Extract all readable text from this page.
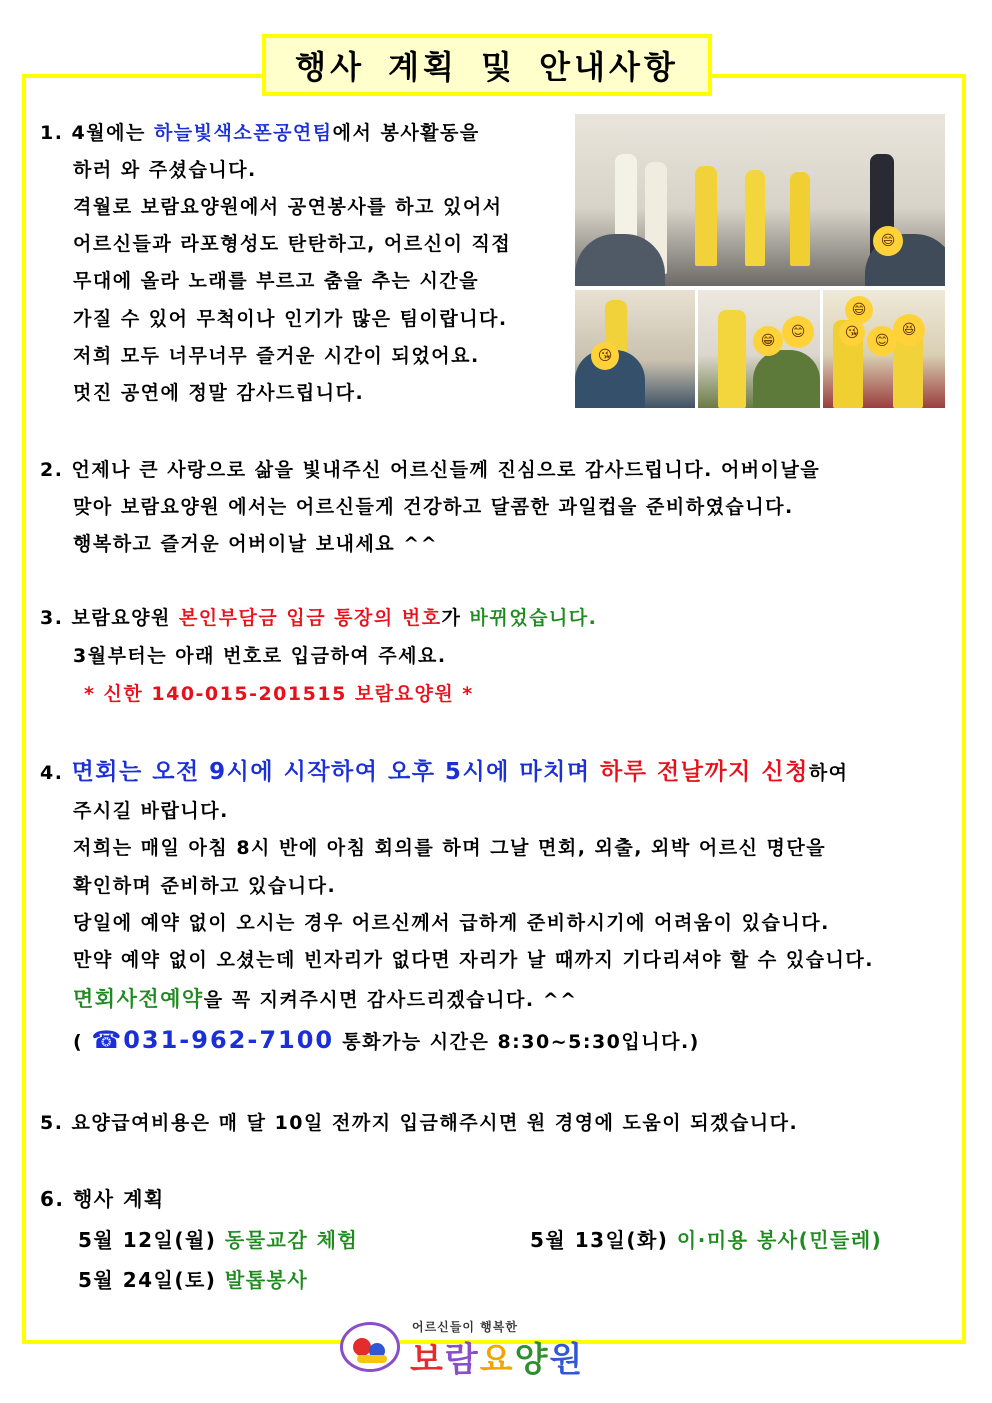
행사 계획 및 안내사항
1. 4월에는 하늘빛색소폰공연팀에서 봉사활동을
하러 와 주셨습니다.
격월로 보람요양원에서 공연봉사를 하고 있어서
어르신들과 라포형성도 탄탄하고, 어르신이 직접
무대에 올라 노래를 부르고 춤을 추는 시간을
가질 수 있어 무척이나 인기가 많은 팀이랍니다.
저희 모두 너무너무 즐거운 시간이 되었어요.
멋진 공연에 정말 감사드립니다.
😄
😘
😁
😊
😄
😘	😊
😆
2. 언제나 큰 사랑으로 삶을 빛내주신 어르신들께 진심으로 감사드립니다. 어버이날을
맞아 보람요양원 에서는 어르신들게 건강하고 달콤한 과일컵을 준비하였습니다.
행복하고 즐거운 어버이날 보내세요 ^^
3. 보람요양원 본인부담금 입금 통장의 번호가 바뀌었습니다.
3월부터는 아래 번호로 입금하여 주세요.
* 신한 140-015-201515 보람요양원 *
4. 면회는 오전 9시에 시작하여 오후 5시에 마치며 하루 전날까지 신청하여
주시길 바랍니다.
저희는 매일 아침 8시 반에 아침 회의를 하며 그날 면회, 외출, 외박 어르신 명단을
확인하며 준비하고 있습니다.
당일에 예약 없이 오시는 경우 어르신께서 급하게 준비하시기에 어려움이 있습니다.
만약 예약 없이 오셨는데 빈자리가 없다면 자리가 날 때까지 기다리셔야 할 수 있습니다.
면회사전예약을 꼭 지켜주시면 감사드리겠습니다. ^^
( ☎031-962-7100 통화가능 시간은 8:30~5:30입니다.)
5. 요양급여비용은 매 달 10일 전까지 입금해주시면 원 경영에 도움이 되겠습니다.
6. 행사 계획
5월 12일(월) 동물교감 체험	5월 13일(화) 이·미용 봉사(민들레)
5월 24일(토) 발톱봉사
어르신들이 행복한
보람요양원
